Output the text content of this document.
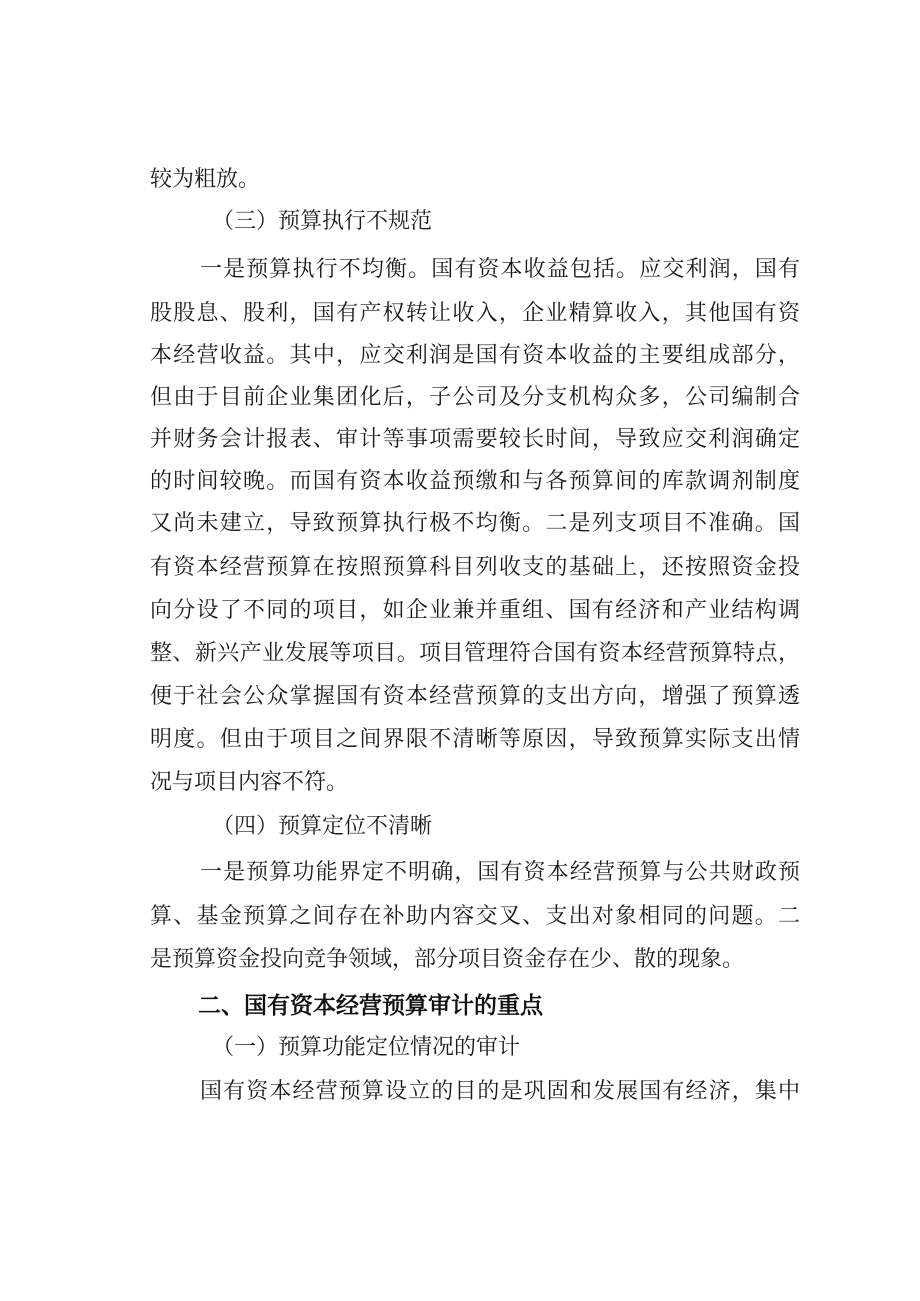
较为粗放。
（三）预算执行不规范
一是预算执行不均衡。国有资本收益包括。应交利润，国有
股股息、股利，国有产权转让收入，企业精算收入，其他国有资
本经营收益。其中，应交利润是国有资本收益的主要组成部分，
但由于目前企业集团化后，子公司及分支机构众多，公司编制合
并财务会计报表、审计等事项需要较长时间，导致应交利润确定
的时间较晚。而国有资本收益预缴和与各预算间的库款调剂制度
又尚未建立，导致预算执行极不均衡。二是列支项目不准确。国
有资本经营预算在按照预算科目列收支的基础上，还按照资金投
向分设了不同的项目，如企业兼并重组、国有经济和产业结构调
整、新兴产业发展等项目。项目管理符合国有资本经营预算特点，
便于社会公众掌握国有资本经营预算的支出方向，增强了预算透
明度。但由于项目之间界限不清晰等原因，导致预算实际支出情
况与项目内容不符。
（四）预算定位不清晰
一是预算功能界定不明确，国有资本经营预算与公共财政预
算、基金预算之间存在补助内容交叉、支出对象相同的问题。二
是预算资金投向竞争领域，部分项目资金存在少、散的现象。
二、国有资本经营预算审计的重点
（一）预算功能定位情况的审计
国有资本经营预算设立的目的是巩固和发展国有经济，集中
